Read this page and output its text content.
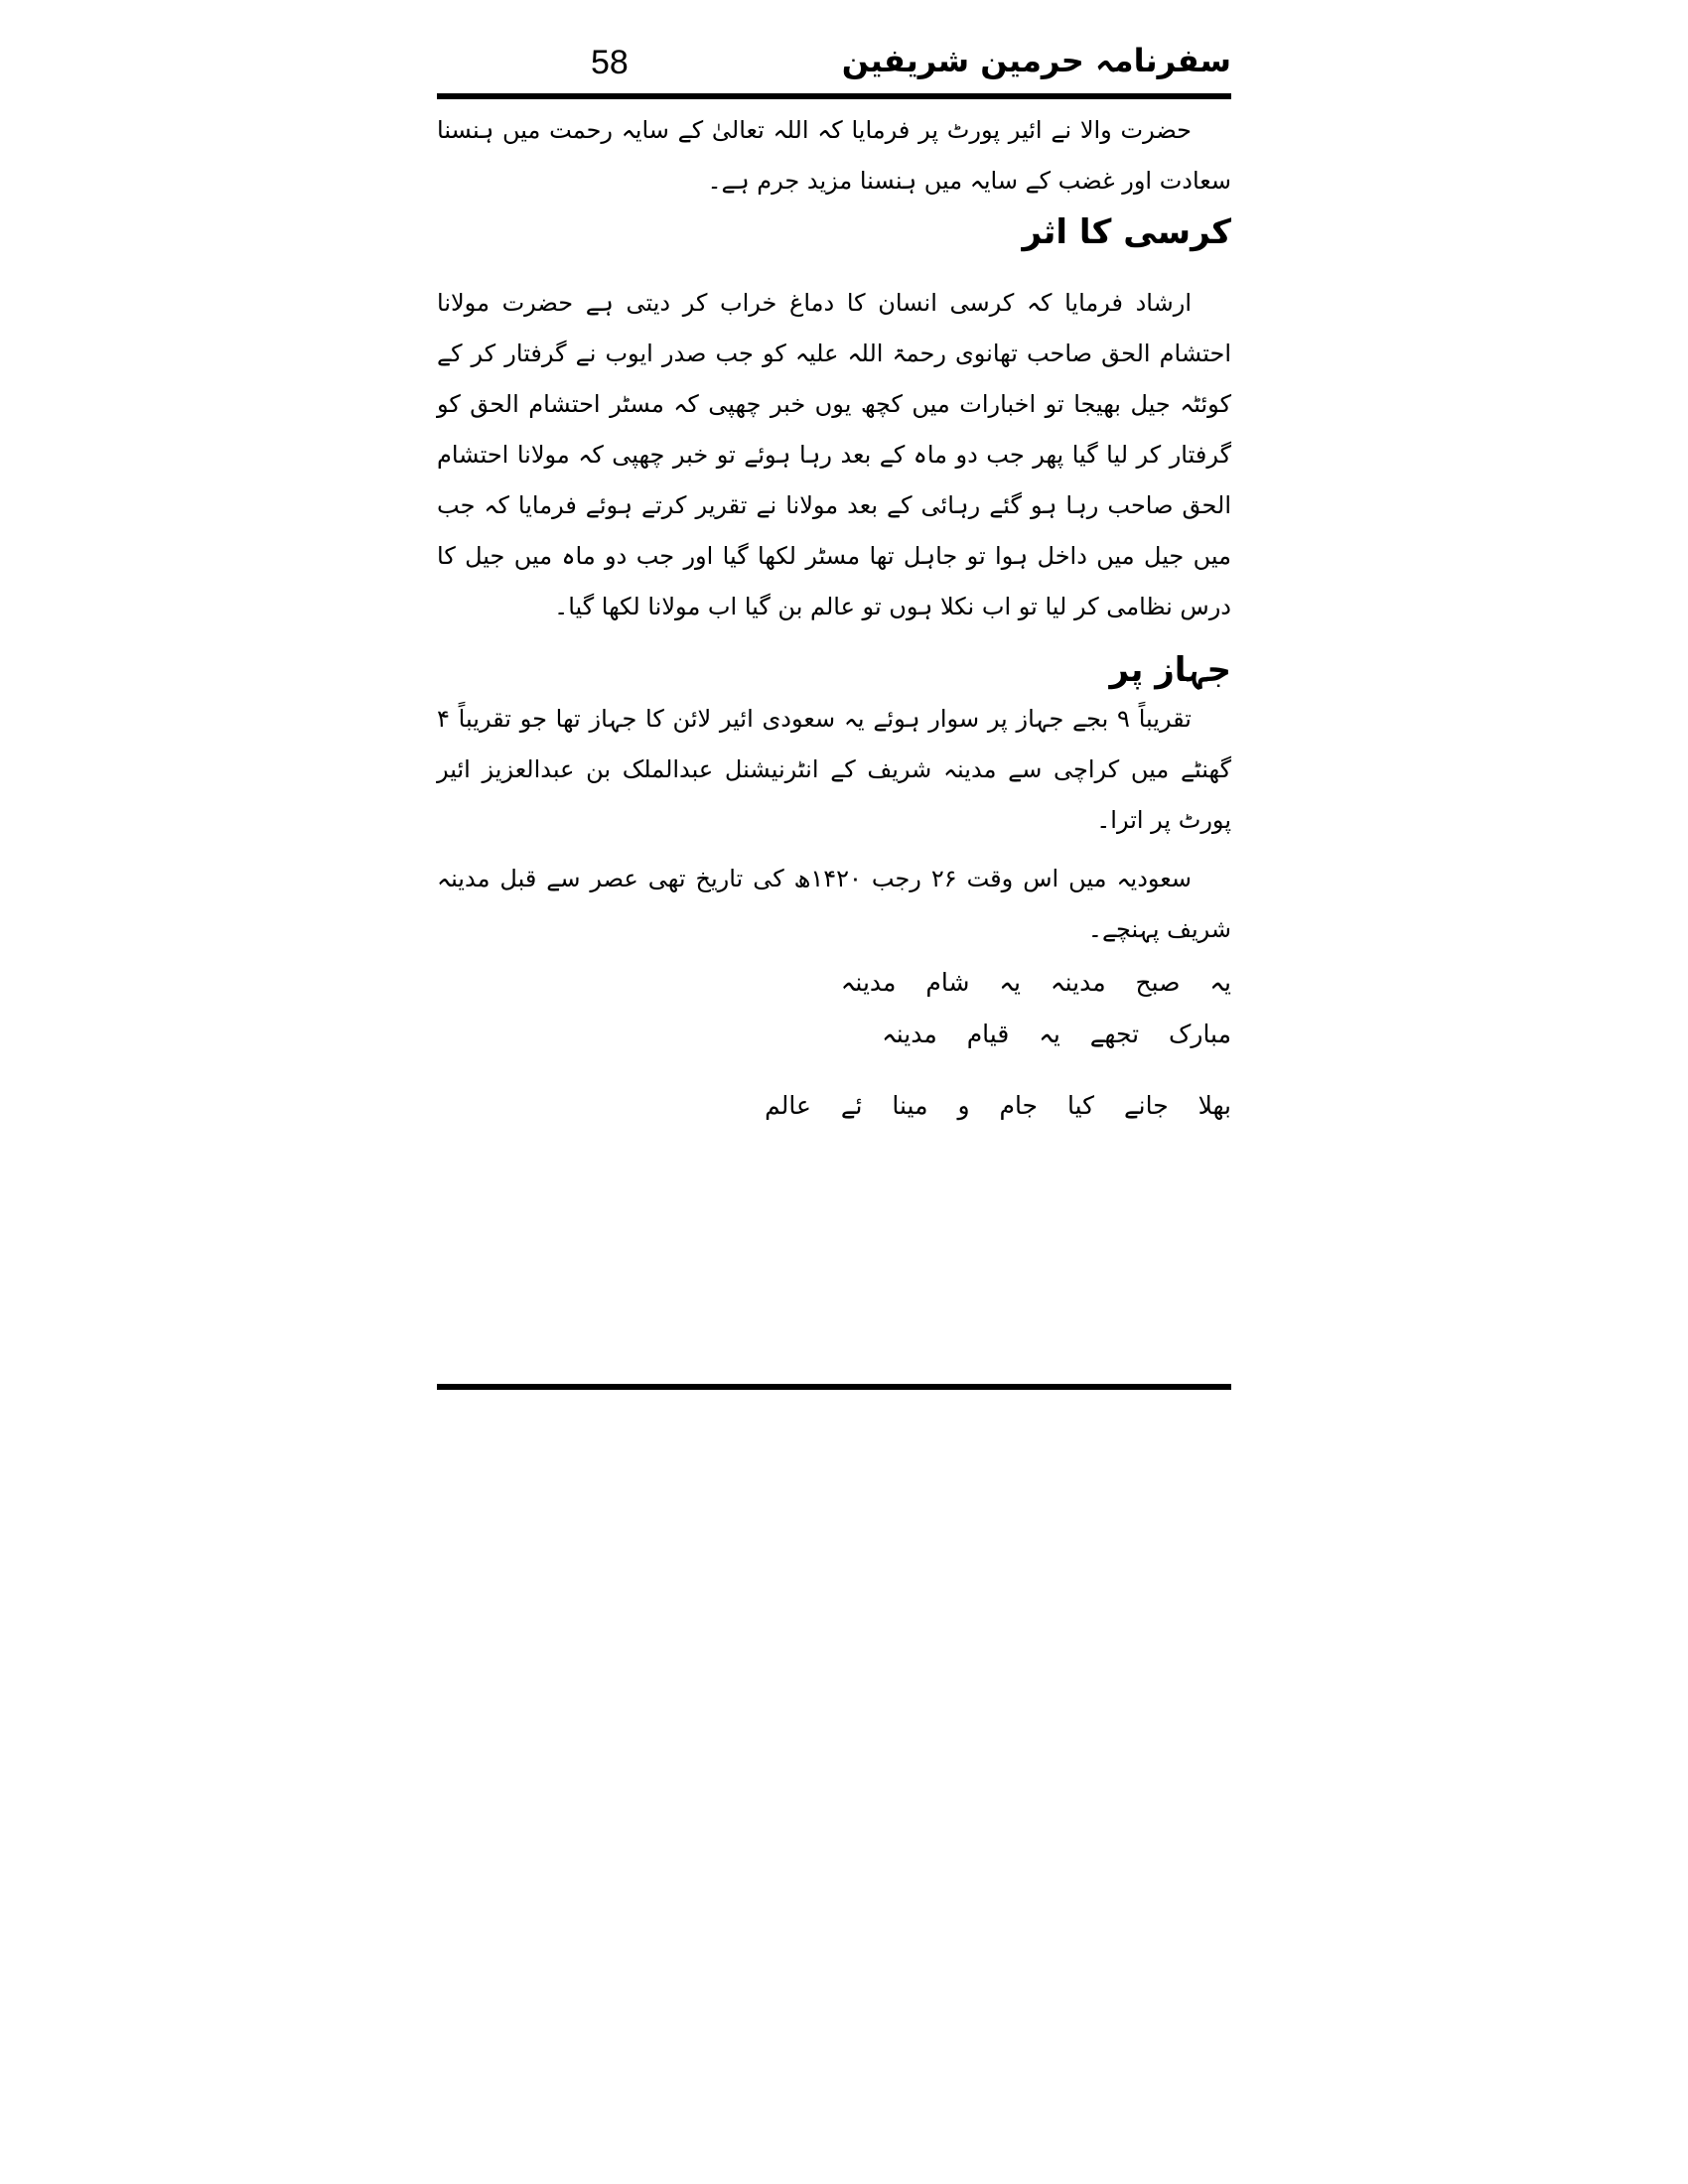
58	سفرنامہ حرمین شریفین

حضرت والا نے ائیر پورٹ پر فرمایا کہ اللہ تعالیٰ کے سایہ رحمت میں ہنسنا سعادت اور غضب کے سایہ میں ہنسنا مزید جرم ہے۔

کرسی کا اثر

ارشاد فرمایا کہ کرسی انسان کا دماغ خراب کر دیتی ہے حضرت مولانا احتشام الحق صاحب تھانوی رحمۃ اللہ علیہ کو جب صدر ایوب نے گرفتار کر کے کوئٹہ جیل بھیجا تو اخبارات میں کچھ یوں خبر چھپی کہ مسٹر احتشام الحق کو گرفتار کر لیا گیا پھر جب دو ماہ کے بعد رہا ہوئے تو خبر چھپی کہ مولانا احتشام الحق صاحب رہا ہو گئے رہائی کے بعد مولانا نے تقریر کرتے ہوئے فرمایا کہ جب میں جیل میں داخل ہوا تو جاہل تھا مسٹر لکھا گیا اور جب دو ماہ میں جیل کا درس نظامی کر لیا تو اب نکلا ہوں تو عالم بن گیا اب مولانا لکھا گیا۔

جہاز پر

تقریباً ۹ بجے جہاز پر سوار ہوئے یہ سعودی ائیر لائن کا جہاز تھا جو تقریباً ۴ گھنٹے میں کراچی سے مدینہ شریف کے انٹرنیشنل عبدالملک بن عبدالعزیز ائیر پورٹ پر اترا۔

سعودیہ میں اس وقت ۲۶ رجب ۱۴۲۰ھ کی تاریخ تھی عصر سے قبل مدینہ شریف پہنچے۔

یہ صبح مدینہ یہ شام مدینہ
مبارک تجھے یہ قیام مدینہ
بھلا جانے کیا جام و مینا ئے عالم
